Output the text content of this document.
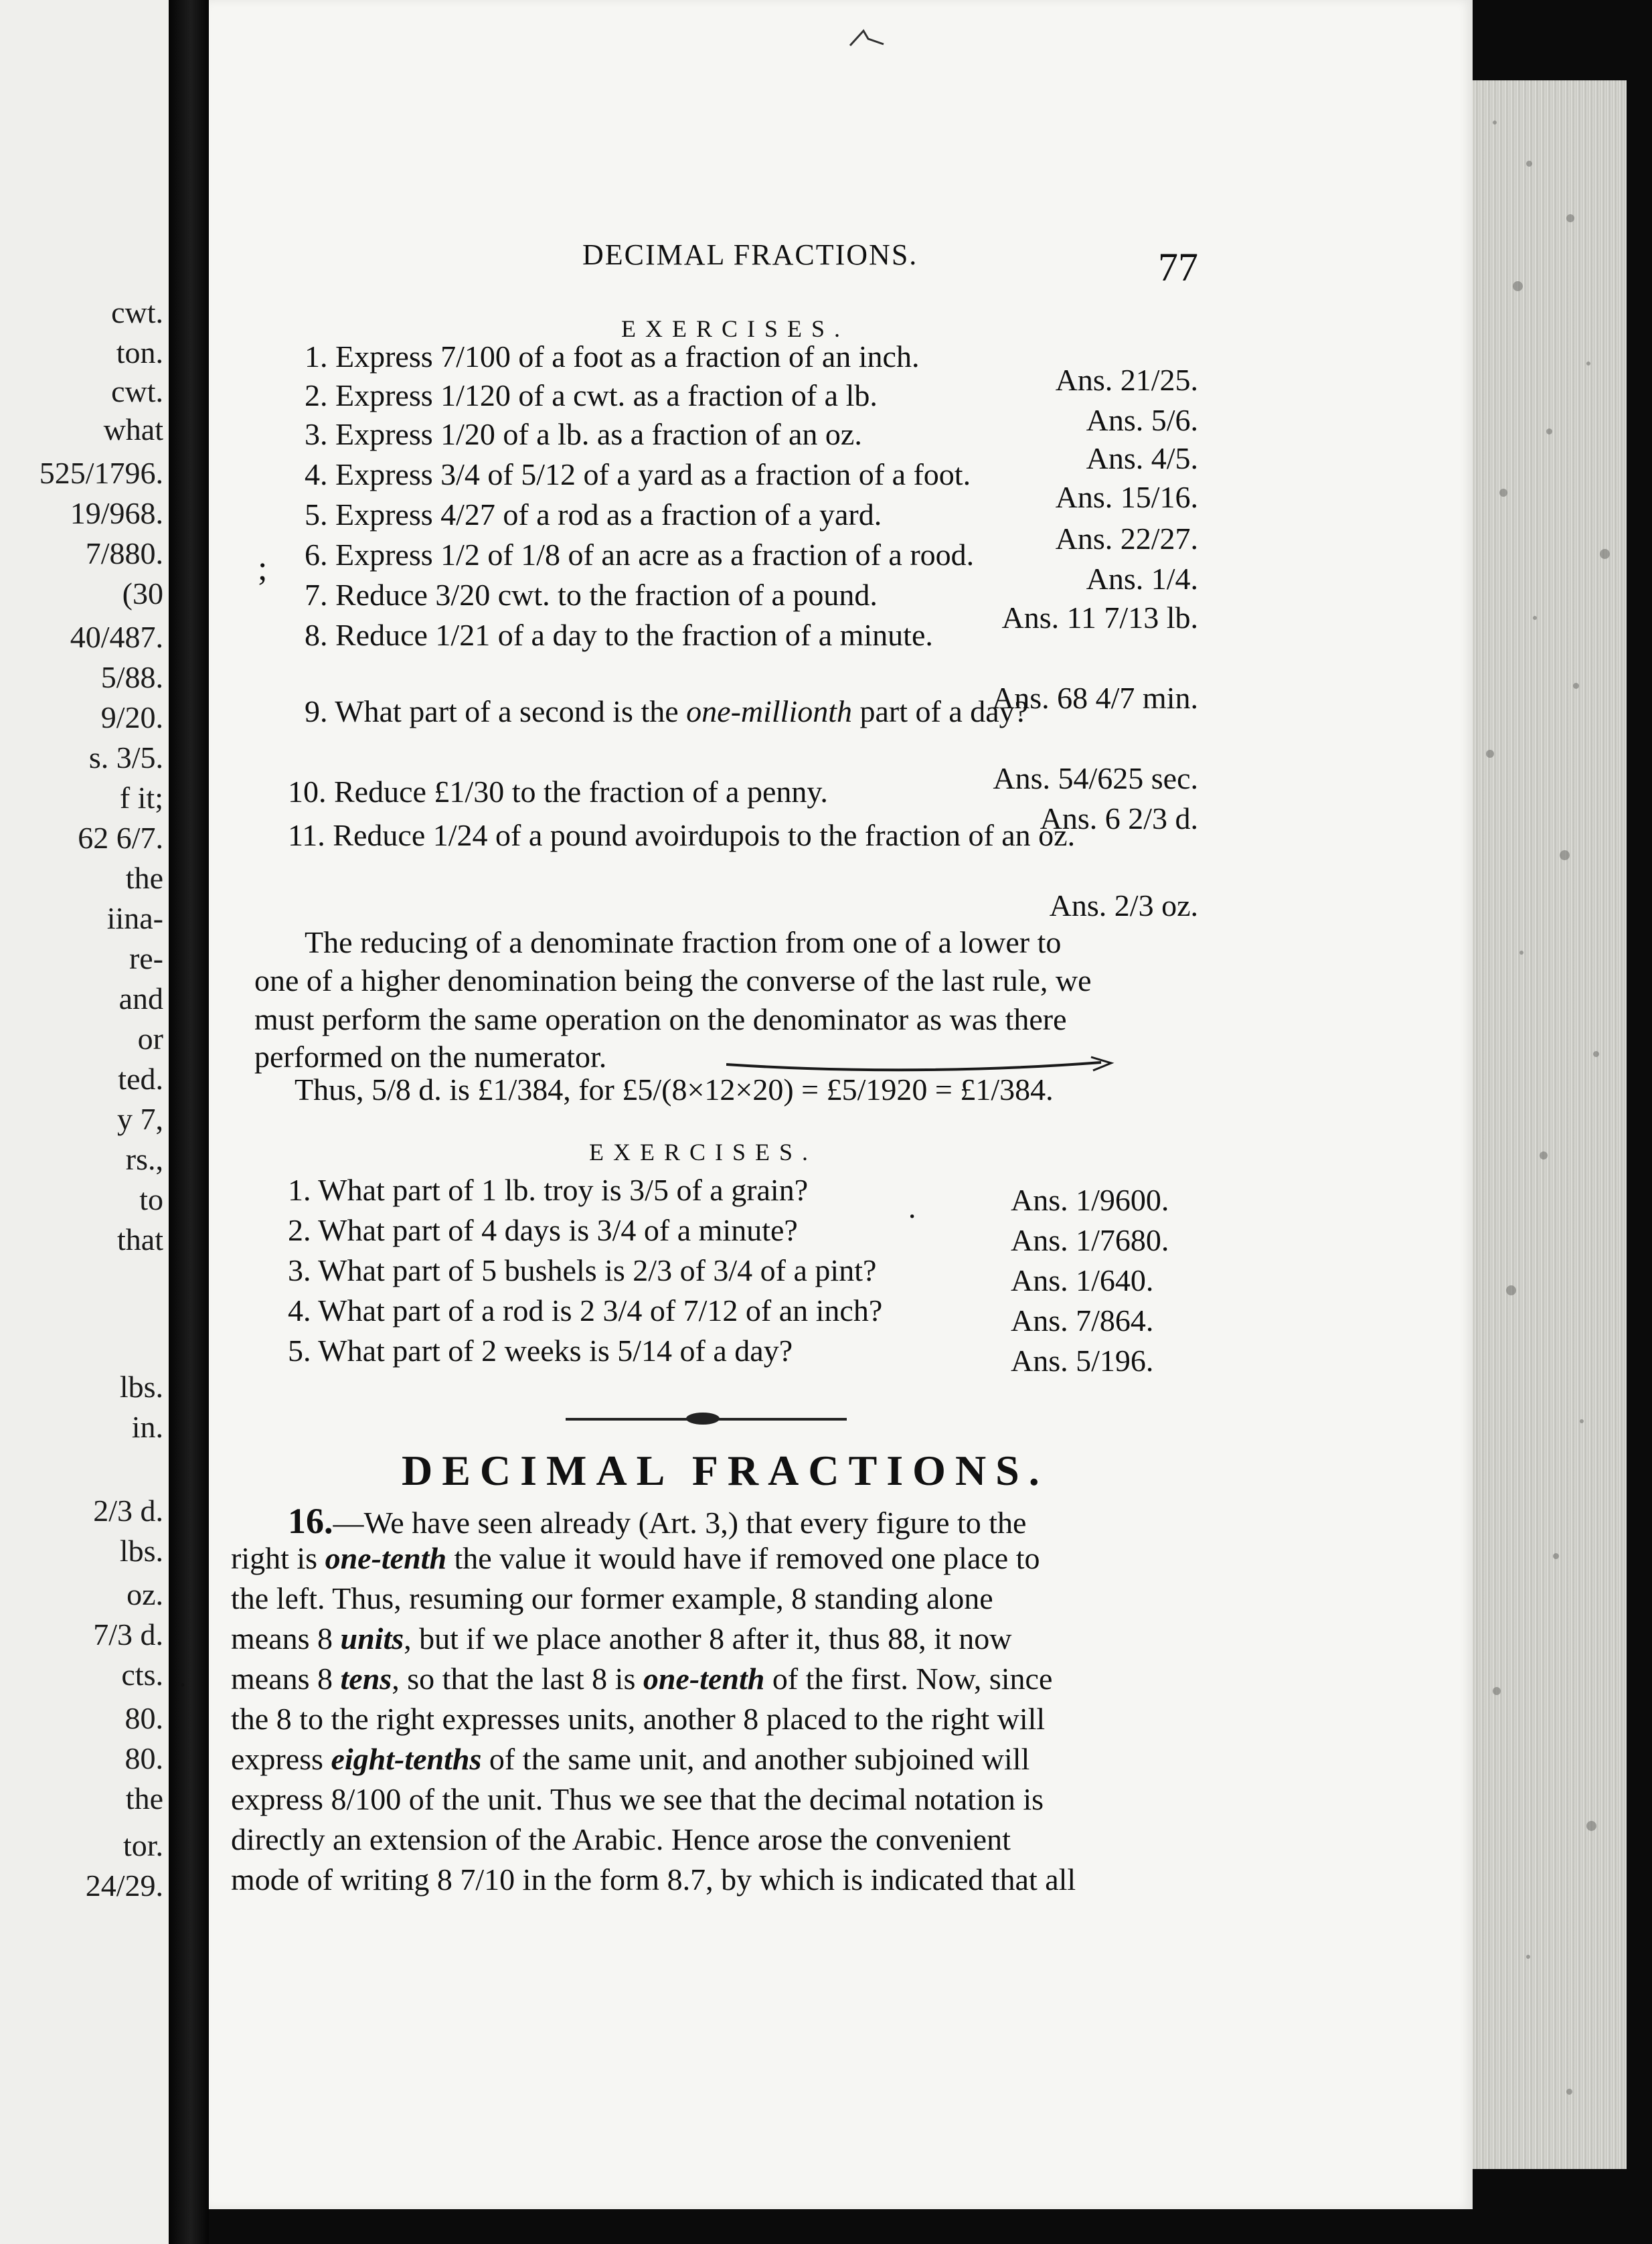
cwt.
ton.
cwt.
what
525/1796.
19/968.
7/880.
(30
40/487.
5/88.
9/20.
s. 3/5.
f it;
62 6/7.
the
iina-
re-
and
or
ted.
y 7,
rs.,
to
that
lbs.
in.
2/3 d.
lbs.
oz.
7/3 d.
cts.
80.
80.
the
tor.
24/29.
DECIMAL FRACTIONS.	77
EXERCISES.
;
Thus, 5/8 d. is £1/384, for £5/(8×12×20) = £5/1920 = £1/384.
EXERCISES.
·
·
DECIMAL FRACTIONS.
16.—We have seen already (Art. 3,) that every figure to the
1. Express 7/100 of a foot as a fraction of an inch.
Ans. 21/25.
2. Express 1/120 of a cwt. as a fraction of a lb.
Ans. 5/6.
3. Express 1/20 of a lb. as a fraction of an oz.
Ans. 4/5.
4. Express 3/4 of 5/12 of a yard as a fraction of a foot.
Ans. 15/16.
5. Express 4/27 of a rod as a fraction of a yard.
Ans. 22/27.
6. Express 1/2 of 1/8 of an acre as a fraction of a rood.
Ans. 1/4.
7. Reduce 3/20 cwt. to the fraction of a pound.
Ans. 11 7/13 lb.
8. Reduce 1/21 of a day to the fraction of a minute.
Ans. 68 4/7 min.
9. What part of a second is the one-millionth part of a day?
Ans. 54/625 sec.
10. Reduce £1/30 to the fraction of a penny.
Ans. 6 2/3 d.
11. Reduce 1/24 of a pound avoirdupois to the fraction of an oz.
Ans. 2/3 oz.
The reducing of a denominate fraction from one of a lower to
one of a higher denomination being the converse of the last rule, we
must perform the same operation on the denominator as was there
performed on the numerator.
1. What part of 1 lb. troy is 3/5 of a grain?	Ans. 1/9600.
2. What part of 4 days is 3/4 of a minute?	Ans. 1/7680.
3. What part of 5 bushels is 2/3 of 3/4 of a pint?	Ans. 1/640.
4. What part of a rod is 2 3/4 of 7/12 of an inch?	Ans. 7/864.
5. What part of 2 weeks is 5/14 of a day?	Ans. 5/196.
right is one-tenth the value it would have if removed one place to
the left. Thus, resuming our former example, 8 standing alone
means 8 units, but if we place another 8 after it, thus 88, it now
means 8 tens, so that the last 8 is one-tenth of the first. Now, since
the 8 to the right expresses units, another 8 placed to the right will
express eight-tenths of the same unit, and another subjoined will
express 8/100 of the unit. Thus we see that the decimal notation is
directly an extension of the Arabic. Hence arose the convenient
mode of writing 8 7/10 in the form 8.7, by which is indicated that all
